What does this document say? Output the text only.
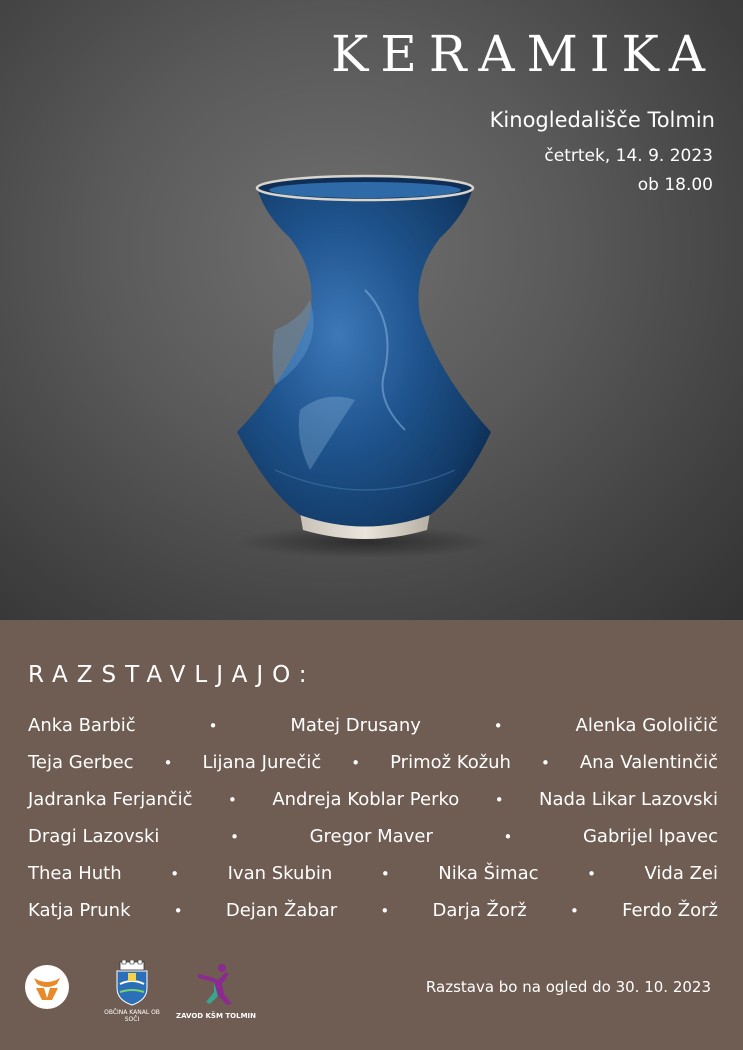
KERAMIKA

Kinogledališče Tolmin

četrtek, 14. 9. 2023

ob 18.00

RAZSTAVLJAJO:
Anka Barbič	•	Matej Drusany	•	Alenka Gololičič
Teja Gerbec • Lijana Jurečič • Primož Kožuh • Ana Valentinčič
Jadranka Ferjančič • Andreja Koblar Perko • Nada Likar Lazovski
Dragi Lazovski	•	Gregor Maver	•	Gabrijel Ipavec
Thea Huth	•	Ivan Skubin	•	Nika Šimac	•	Vida Zei
Katja Prunk	• Dejan Žabar	• Darja Žorž	• Ferdo Žorž
OBČINA KANAL OB SOČI	ZAVOD KŠM TOLMIN

Razstava bo na ogled do 30. 10. 2023
